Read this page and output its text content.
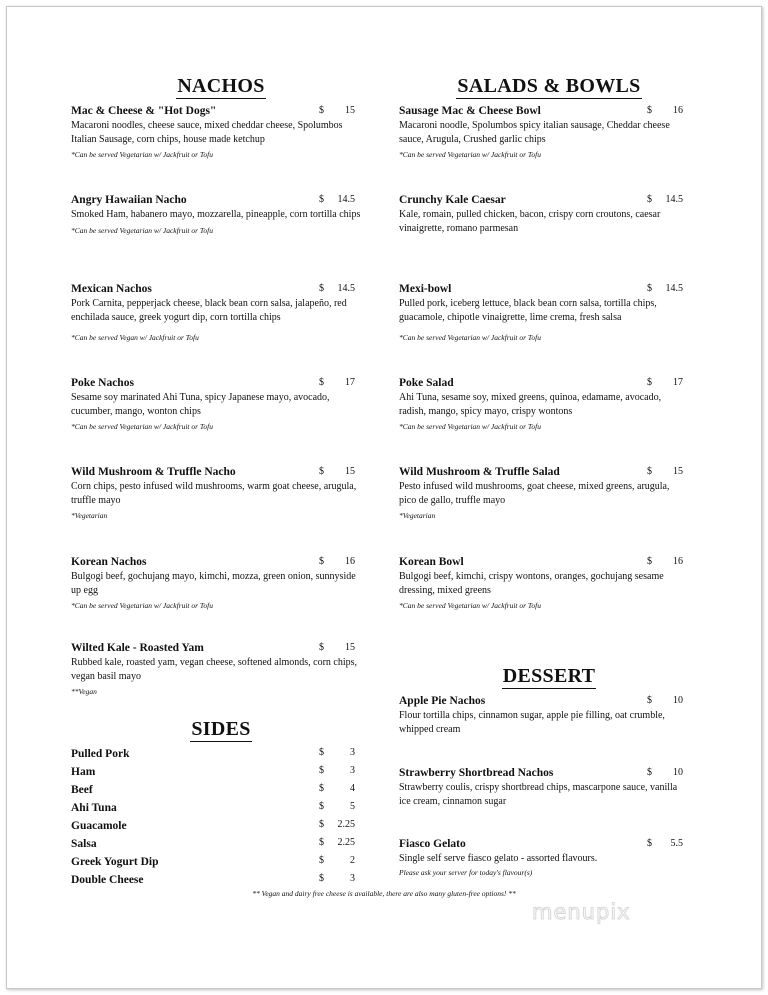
NACHOS
Mac & Cheese & "Hot Dogs"	$ 15
Macaroni noodles, cheese sauce, mixed cheddar cheese, Spolumbos Italian Sausage, corn chips, house made ketchup
*Can be served Vegetarian w/ Jackfruit or Tofu
Angry Hawaiian Nacho	$ 14.5
Smoked Ham, habanero mayo, mozzarella, pineapple, corn tortilla chips
*Can be served Vegetarian w/ Jackfruit or Tofu
Mexican Nachos	$ 14.5
Pork Carnita, pepperjack cheese, black bean corn salsa, jalapeño, red enchilada sauce, greek yogurt dip, corn tortilla chips
*Can be served Vegan w/ Jackfruit or Tofu
Poke Nachos	$ 17
Sesame soy marinated Ahi Tuna, spicy Japanese mayo, avocado, cucumber, mango, wonton chips
*Can be served Vegetarian w/ Jackfruit or Tofu
Wild Mushroom & Truffle Nacho	$ 15
Corn chips, pesto infused wild mushrooms, warm goat cheese, arugula, truffle mayo
*Vegetarian
Korean Nachos	$ 16
Bulgogi beef, gochujang mayo, kimchi, mozza, green onion, sunnyside up egg
*Can be served Vegetarian w/ Jackfruit or Tofu
Wilted Kale - Roasted Yam	$ 15
Rubbed kale, roasted yam, vegan cheese, softened almonds, corn chips, vegan basil mayo
**Vegan
SIDES
Pulled Pork	$	3
Ham	$	3
Beef	$	4
Ahi Tuna	$	5
Guacamole	$ 2.25
Salsa	$ 2.25
Greek Yogurt Dip	$	2
Double Cheese	$	3
SALADS & BOWLS
Sausage Mac & Cheese Bowl	$ 16
Macaroni noodle, Spolumbos spicy italian sausage, Cheddar cheese sauce, Arugula, Crushed garlic chips
*Can be served Vegetarian w/ Jackfruit or Tofu
Crunchy Kale Caesar	$ 14.5
Kale, romain, pulled chicken, bacon, crispy corn croutons, caesar vinaigrette, romano parmesan
Mexi-bowl	$ 14.5
Pulled pork, iceberg lettuce, black bean corn salsa, tortilla chips, guacamole, chipotle vinaigrette, lime crema, fresh salsa
*Can be served Vegetarian w/ Jackfruit or Tofu
Poke Salad	$ 17
Ahi Tuna, sesame soy, mixed greens, quinoa, edamame, avocado, radish, mango, spicy mayo, crispy wontons
*Can be served Vegetarian w/ Jackfruit or Tofu
Wild Mushroom & Truffle Salad	$ 15
Pesto infused wild mushrooms, goat cheese, mixed greens, arugula, pico de gallo, truffle mayo
*Vegetarian
Korean Bowl	$ 16
Bulgogi beef, kimchi, crispy wontons, oranges, gochujang sesame dressing, mixed greens
*Can be served Vegetarian w/ Jackfruit or Tofu
DESSERT
Apple Pie Nachos	$ 10
Flour tortilla chips, cinnamon sugar, apple pie filling, oat crumble, whipped cream
Strawberry Shortbread Nachos	$ 10
Strawberry coulis, crispy shortbread chips, mascarpone sauce, vanilla ice cream, cinnamon sugar
Fiasco Gelato	$ 5.5
Single self serve fiasco gelato - assorted flavours.
Please ask your server for today's flavour(s)
** Vegan and dairy free cheese is available, there are also many gluten-free options! **
menupix
